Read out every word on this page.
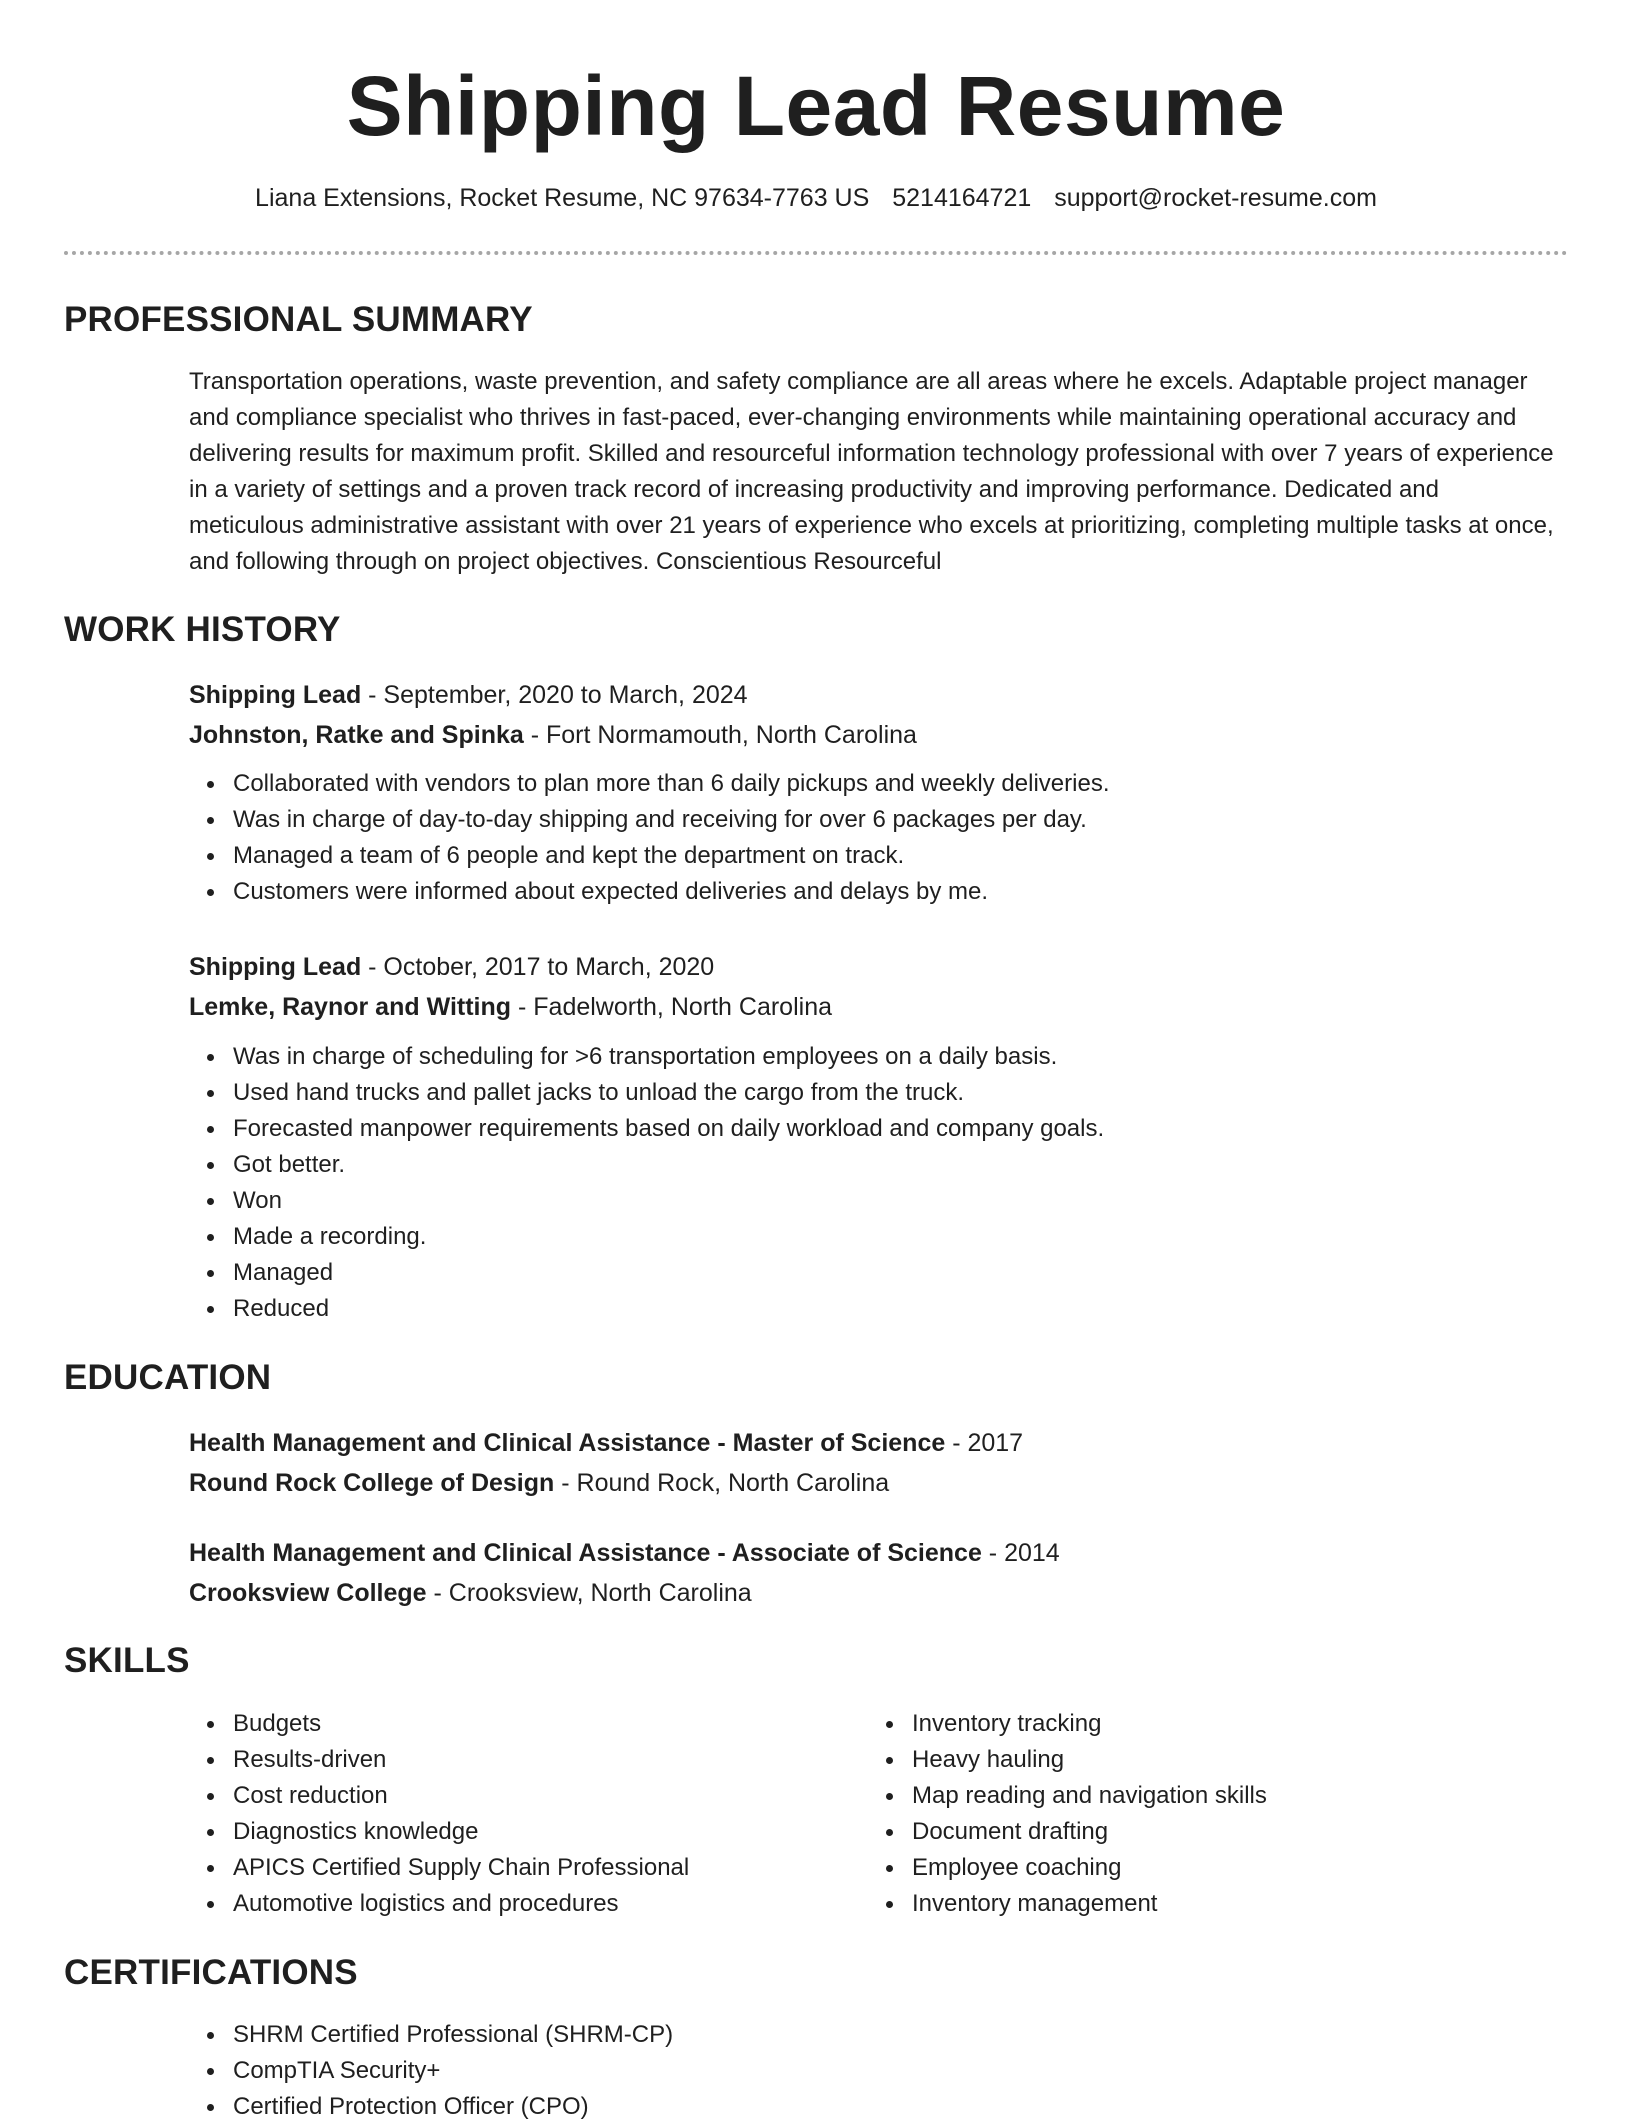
Shipping Lead Resume
Liana Extensions, Rocket Resume, NC 97634-7763 US 5214164721 support@rocket-resume.com
PROFESSIONAL SUMMARY

Transportation operations, waste prevention, and safety compliance are all areas where he excels. Adaptable project manager and compliance specialist who thrives in fast-paced, ever-changing environments while maintaining operational accuracy and delivering results for maximum profit. Skilled and resourceful information technology professional with over 7 years of experience in a variety of settings and a proven track record of increasing productivity and improving performance. Dedicated and meticulous administrative assistant with over 21 years of experience who excels at prioritizing, completing multiple tasks at once, and following through on project objectives. Conscientious Resourceful

WORK HISTORY

Shipping Lead - September, 2020 to March, 2024

Johnston, Ratke and Spinka - Fort Normamouth, North Carolina

Collaborated with vendors to plan more than 6 daily pickups and weekly deliveries.
Was in charge of day-to-day shipping and receiving for over 6 packages per day.
Managed a team of 6 people and kept the department on track.
Customers were informed about expected deliveries and delays by me.

Shipping Lead - October, 2017 to March, 2020

Lemke, Raynor and Witting - Fadelworth, North Carolina

Was in charge of scheduling for >6 transportation employees on a daily basis.
Used hand trucks and pallet jacks to unload the cargo from the truck.
Forecasted manpower requirements based on daily workload and company goals.
Got better.
Won
Made a recording.
Managed
Reduced
EDUCATION

Health Management and Clinical Assistance - Master of Science - 2017

Round Rock College of Design - Round Rock, North Carolina

Health Management and Clinical Assistance - Associate of Science - 2014

Crooksview College - Crooksview, North Carolina

SKILLS
Budgets
Results-driven
Cost reduction
Diagnostics knowledge
APICS Certified Supply Chain Professional
Automotive logistics and procedures
Inventory tracking
Heavy hauling
Map reading and navigation skills
Document drafting
Employee coaching
Inventory management
CERTIFICATIONS
SHRM Certified Professional (SHRM-CP)
CompTIA Security+
Certified Protection Officer (CPO)
